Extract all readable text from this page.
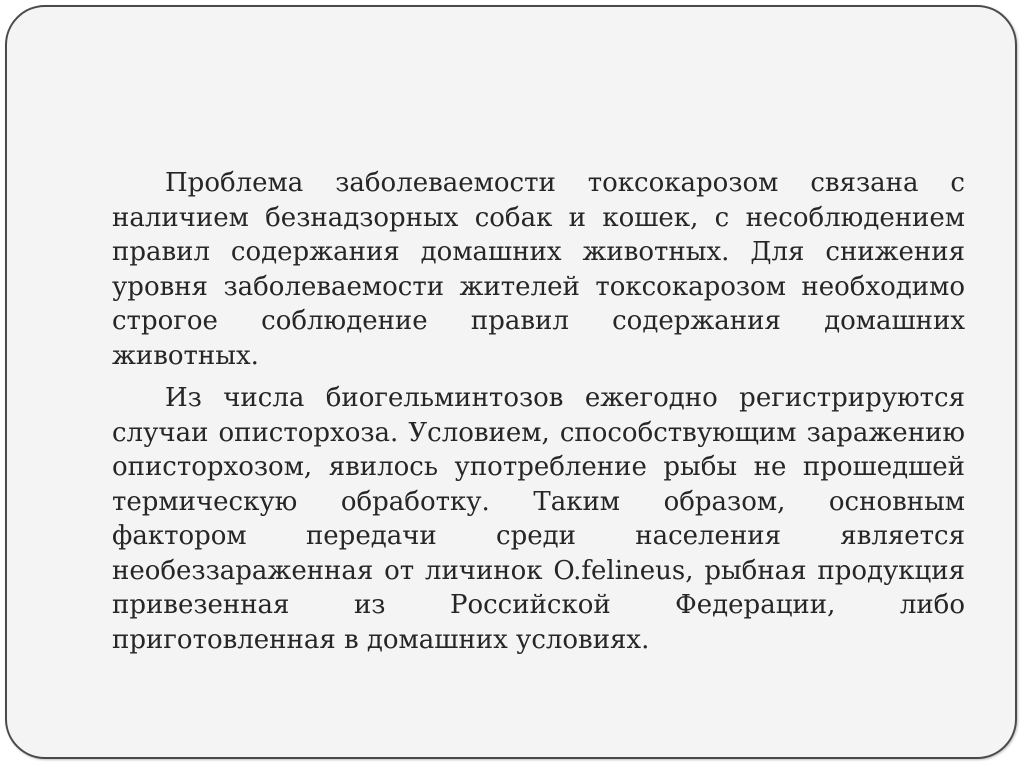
Проблема заболеваемости токсокарозом связана с наличием безнадзорных собак и кошек, с несоблюдением правил содержания домашних животных. Для снижения уровня заболеваемости жителей токсокарозом необходимо строгое соблюдение правил содержания домашних животных.

Из числа биогельминтозов ежегодно регистрируются случаи описторхоза. Условием, способствующим заражению описторхозом, явилось употребление рыбы не прошедшей термическую обработку. Таким образом, основным фактором передачи среди населения является необеззараженная от личинок O.felineus, рыбная продукция привезенная из Российской Федерации, либо приготовленная в домашних условиях.
